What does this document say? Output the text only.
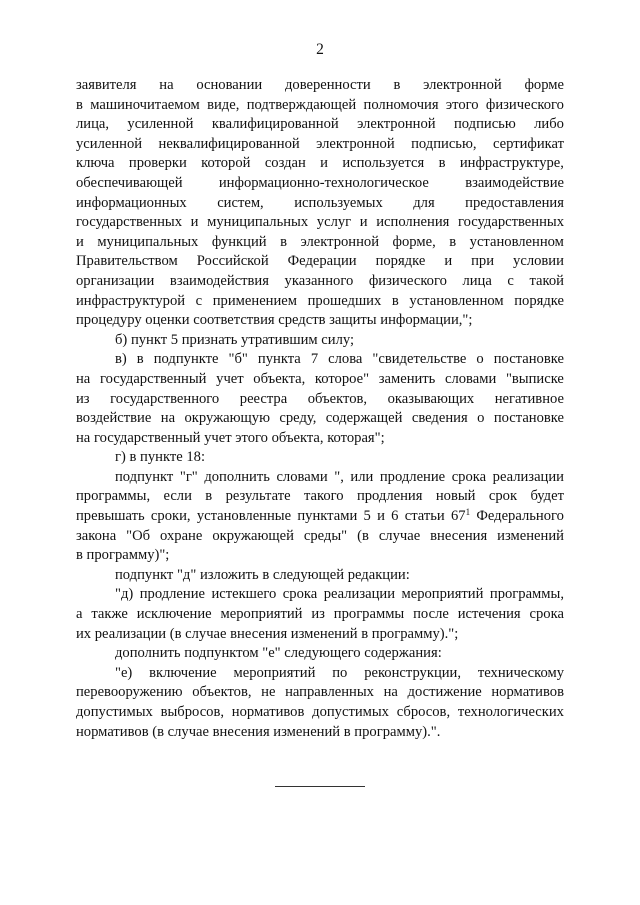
2
заявителя на основании доверенности в электронной форме
в машиночитаемом виде, подтверждающей полномочия этого физического
лица, усиленной квалифицированной электронной подписью либо
усиленной неквалифицированной электронной подписью, сертификат
ключа проверки которой создан и используется в инфраструктуре,
обеспечивающей информационно-технологическое взаимодействие
информационных систем, используемых для предоставления
государственных и муниципальных услуг и исполнения государственных
и муниципальных функций в электронной форме, в установленном
Правительством Российской Федерации порядке и при условии
организации взаимодействия указанного физического лица с такой
инфраструктурой с применением прошедших в установленном порядке
процедуру оценки соответствия средств защиты информации,";
б) пункт 5 признать утратившим силу;
в) в подпункте "б" пункта 7 слова "свидетельстве о постановке
на государственный учет объекта, которое" заменить словами "выписке
из государственного реестра объектов, оказывающих негативное
воздействие на окружающую среду, содержащей сведения о постановке
на государственный учет этого объекта, которая";
г) в пункте 18:
подпункт "г" дополнить словами ", или продление срока реализации
программы, если в результате такого продления новый срок будет
превышать сроки, установленные пунктами 5 и 6 статьи $67^1$ Федерального
закона "Об охране окружающей среды" (в случае внесения изменений
в программу)";
подпункт "д" изложить в следующей редакции:
"д) продление истекшего срока реализации мероприятий программы,
а также исключение мероприятий из программы после истечения срока
их реализации (в случае внесения изменений в программу).";
дополнить подпунктом "е" следующего содержания:
"е) включение мероприятий по реконструкции, техническому
перевооружению объектов, не направленных на достижение нормативов
допустимых выбросов, нормативов допустимых сбросов, технологических
нормативов (в случае внесения изменений в программу).".
